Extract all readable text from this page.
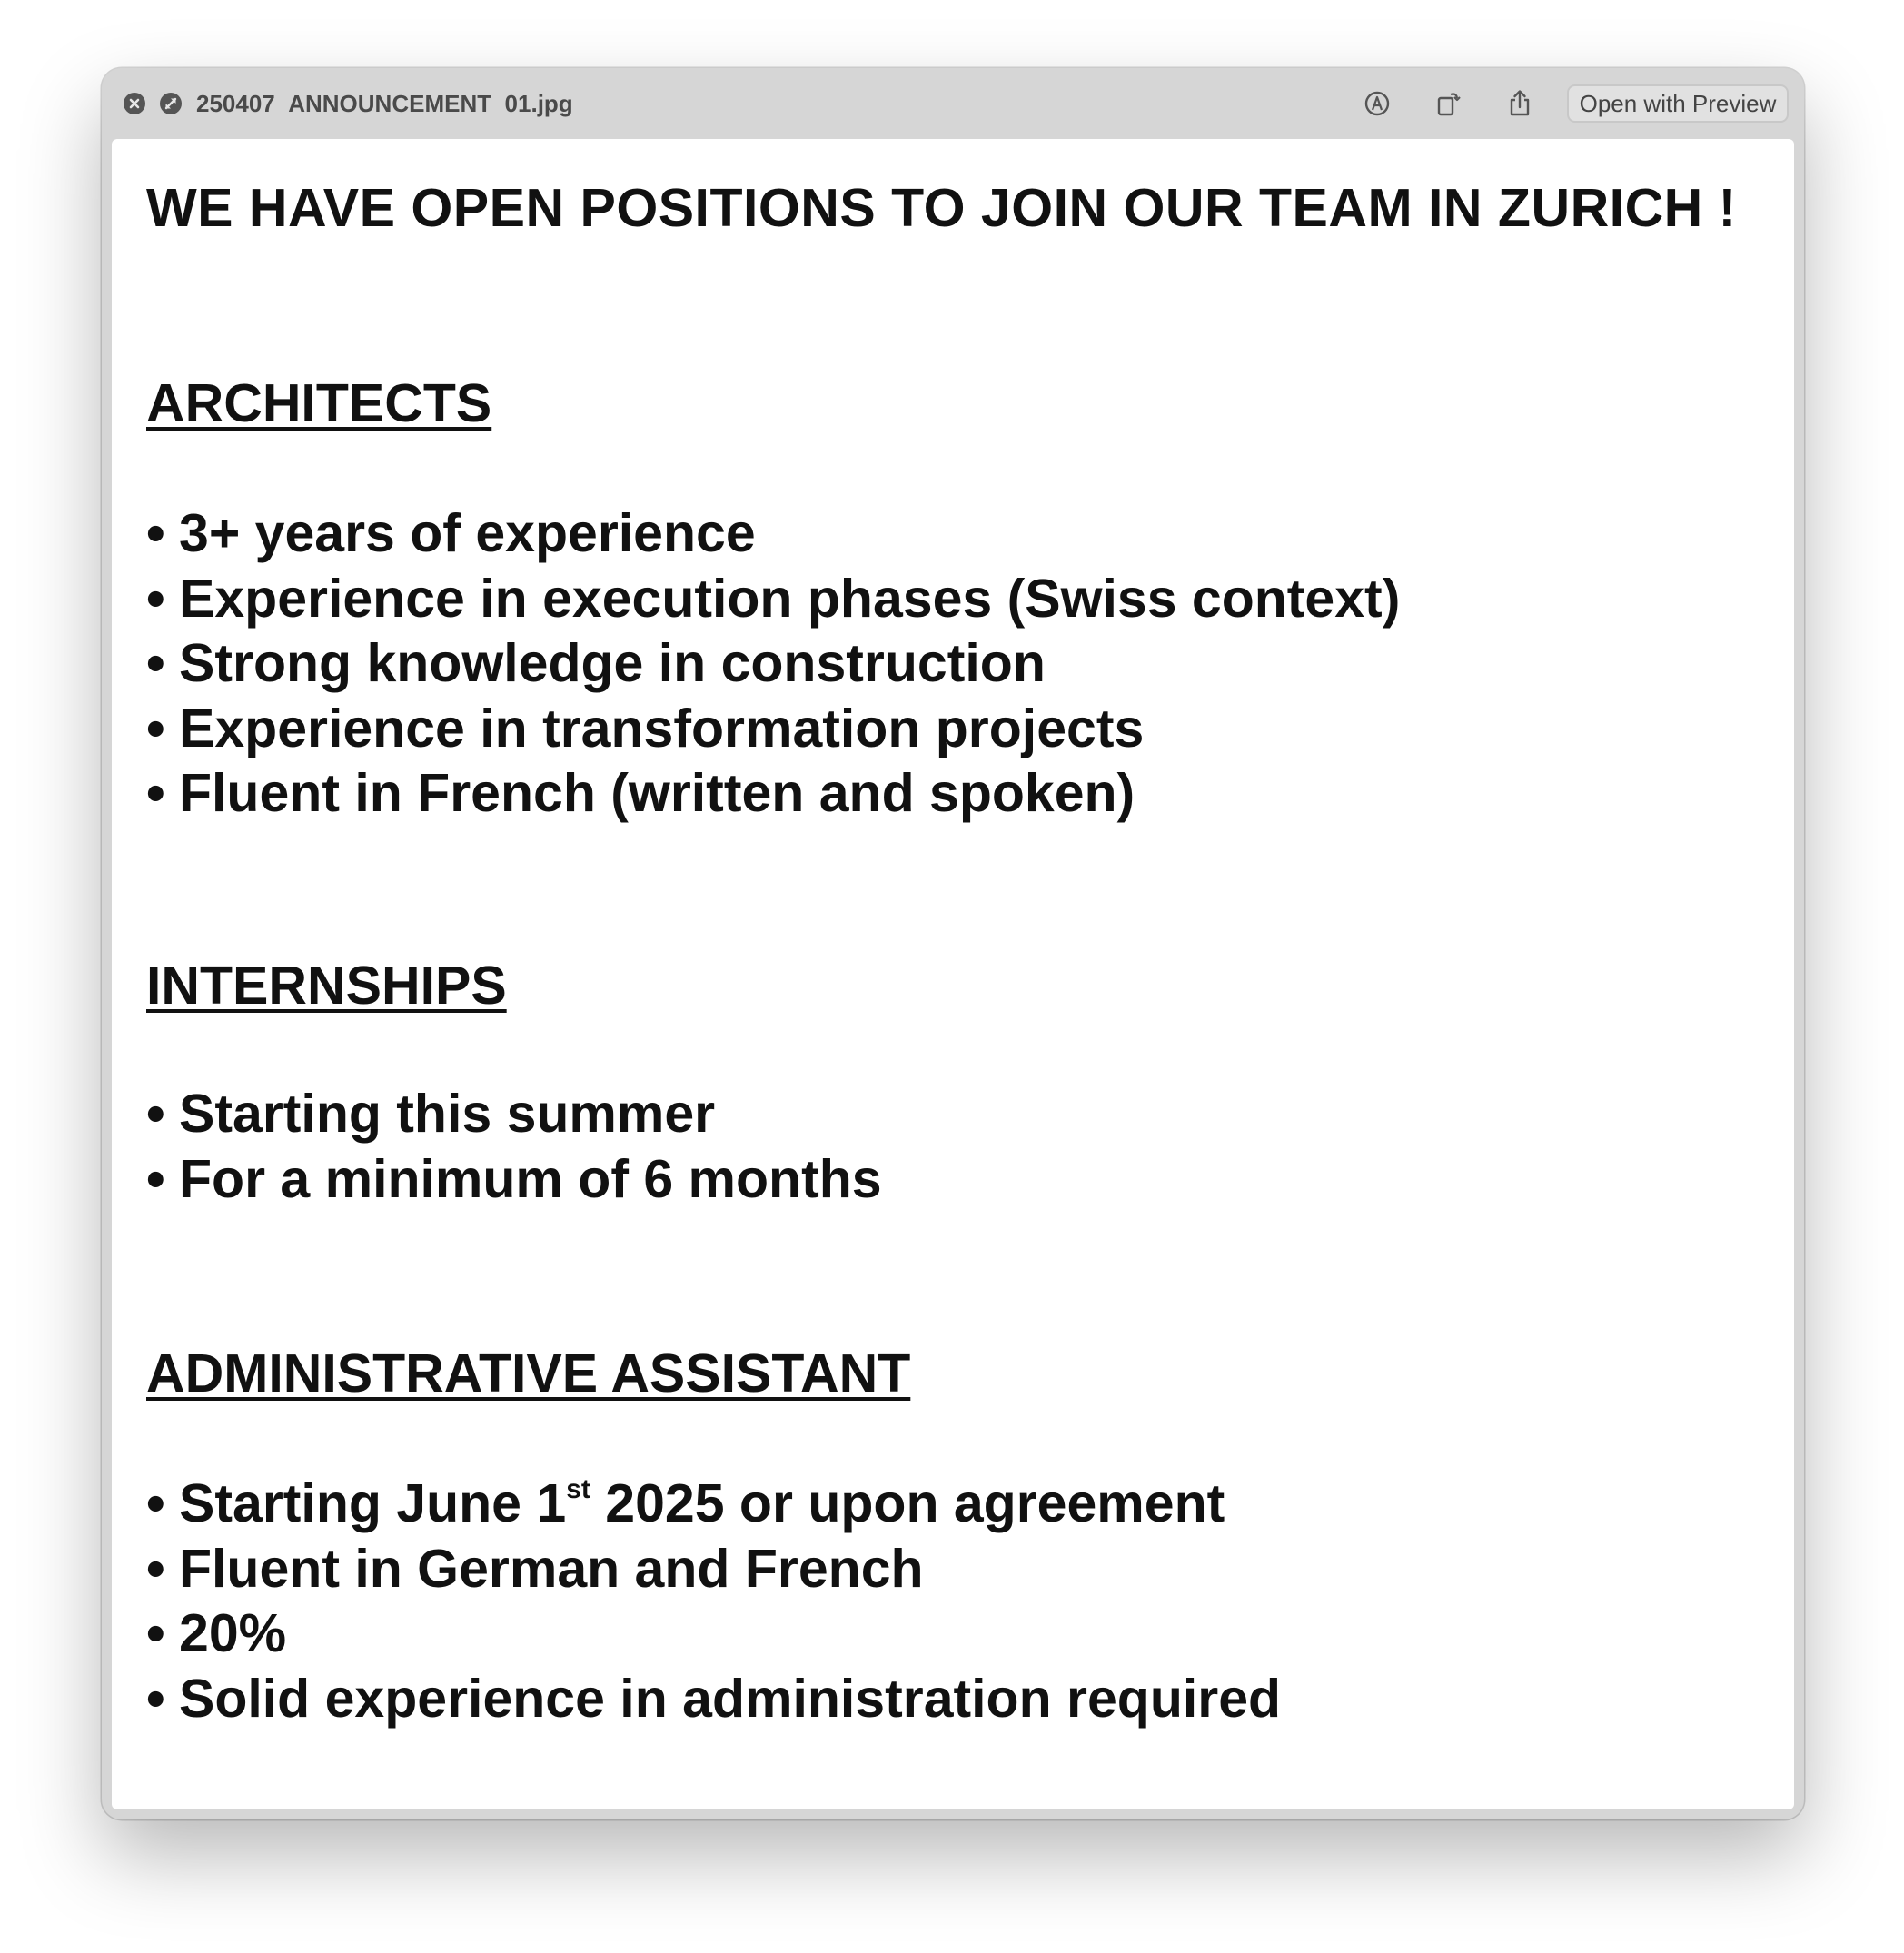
250407_ANNOUNCEMENT_01.jpg	Open with Preview
WE HAVE OPEN POSITIONS TO JOIN OUR TEAM IN ZURICH !
ARCHITECTS
• 3+ years of experience
• Experience in execution phases (Swiss context)
• Strong knowledge in construction
• Experience in transformation projects
• Fluent in French (written and spoken)
INTERNSHIPS
• Starting this summer
• For a minimum of 6 months
ADMINISTRATIVE ASSISTANT
• Starting June 1st 2025 or upon agreement
• Fluent in German and French
• 20%
• Solid experience in administration required
